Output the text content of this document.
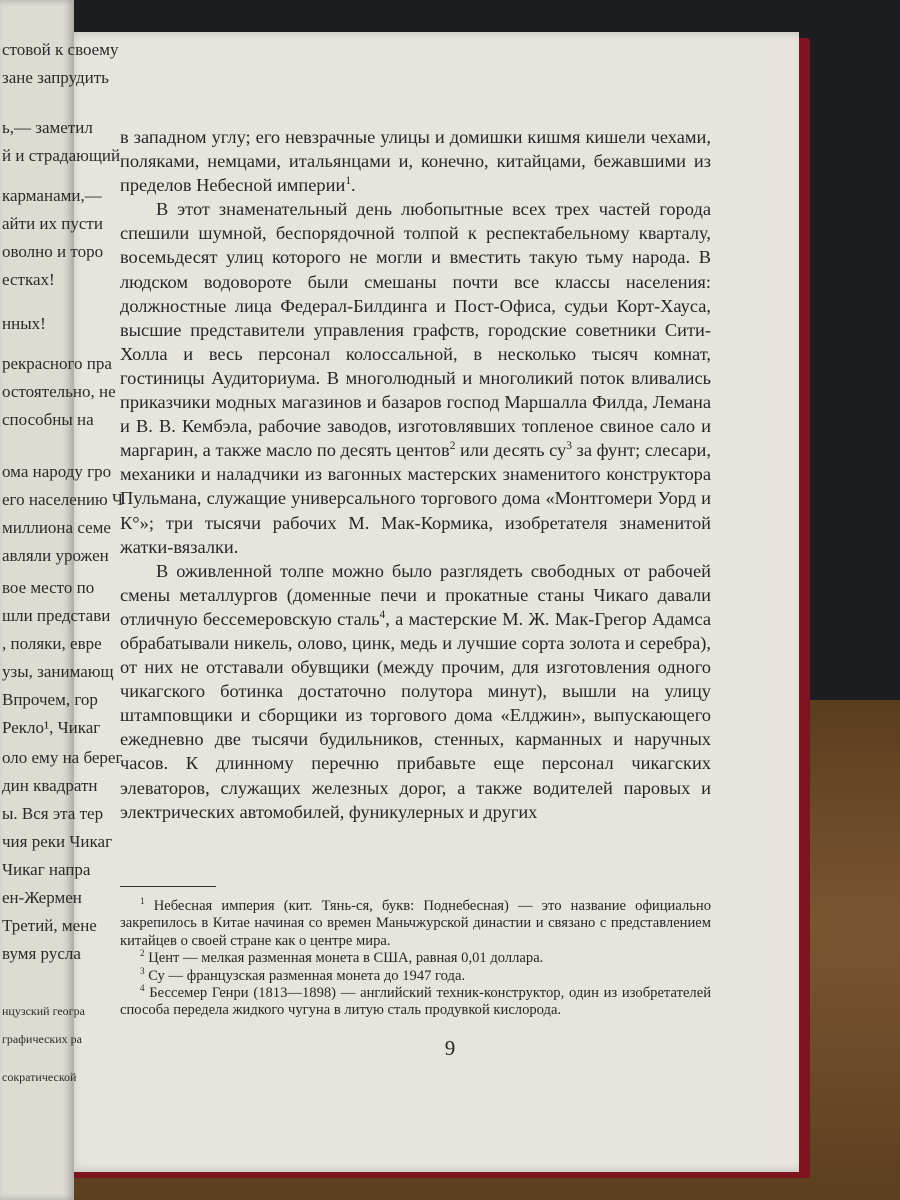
стовой к своему
зане запрудить
ь,— заметил
й и страдающий
карманами,—
айти их пусти
оволно и торо
естках!
нных!
рекрасного пра
остоятельно, не
способны на
ома народу гро
его населению Ч
миллиона семе
авляли урожен
вое место по
шли представи
, поляки, евре
узы, занимающ
Впрочем, гор
Рекло¹, Чикаг
оло ему на берег
дин квадратн
ы. Вся эта тер
чия реки Чикаг
Чикаг напра
ен-Жермен
Третий, мене
вумя русла
нцузский геогра
графических ра
сократической

в западном углу; его невзрачные улицы и домишки кишмя кишели чехами, поляками, немцами, итальянцами и, конечно, китайцами, бежавшими из пределов Небесной империи$^1$.

В этот знаменательный день любопытные всех трех частей города спешили шумной, беспорядочной толпой к респектабельному кварталу, восемьдесят улиц которого не могли и вместить такую тьму народа. В людском водовороте были смешаны почти все классы населения: должностные лица Федерал-Билдинга и Пост-Офиса, судьи Корт-Хауса, высшие представители управления графств, городские советники Сити-Холла и весь персонал колоссальной, в несколько тысяч комнат, гостиницы Аудиториума. В многолюдный и многоликий поток вливались приказчики модных магазинов и базаров господ Маршалла Филда, Лемана и В. В. Кембэла, рабочие заводов, изготовлявших топленое свиное сало и маргарин, а также масло по десять центов$^2$ или десять $су^3$ за фунт; слесари, механики и наладчики из вагонных мастерских знаменитого конструктора Пульмана, служащие универсального торгового дома «Монтгомери Уорд и К°»; три тысячи рабочих М. Мак-Кормика, изобретателя знаменитой жатки-вязалки.

В оживленной толпе можно было разглядеть свободных от рабочей смены металлургов (доменные печи и прокатные станы Чикаго давали отличную бессемеровскую сталь$^4$, а мастерские М. Ж. Мак-Грегор Адамса обрабатывали никель, олово, цинк, медь и лучшие сорта золота и серебра), от них не отставали обувщики (между прочим, для изготовления одного чикагского ботинка достаточно полутора минут), вышли на улицу штамповщики и сборщики из торгового дома «Елджин», выпускающего ежедневно две тысячи будильников, стенных, карманных и наручных часов. К длинному перечню прибавьте еще персонал чикагских элеваторов, служащих железных дорог, а также водителей паровых и электрических автомобилей, фуникулерных и других

$^1$ Небесная империя (кит. Тянь-ся, букв: Поднебесная) — это название официально закрепилось в Китае начиная со времен Маньчжурской династии и связано с представлением китайцев о своей стране как о центре мира.

$^2$ Цент — мелкая разменная монета в США, равная 0,01 доллара.

$^3$ Су — французская разменная монета до 1947 года.

$^4$ Бессемер Генри (1813—1898) — английский техник-конструктор, один из изобретателей способа передела жидкого чугуна в литую сталь продувкой кислорода.

9
